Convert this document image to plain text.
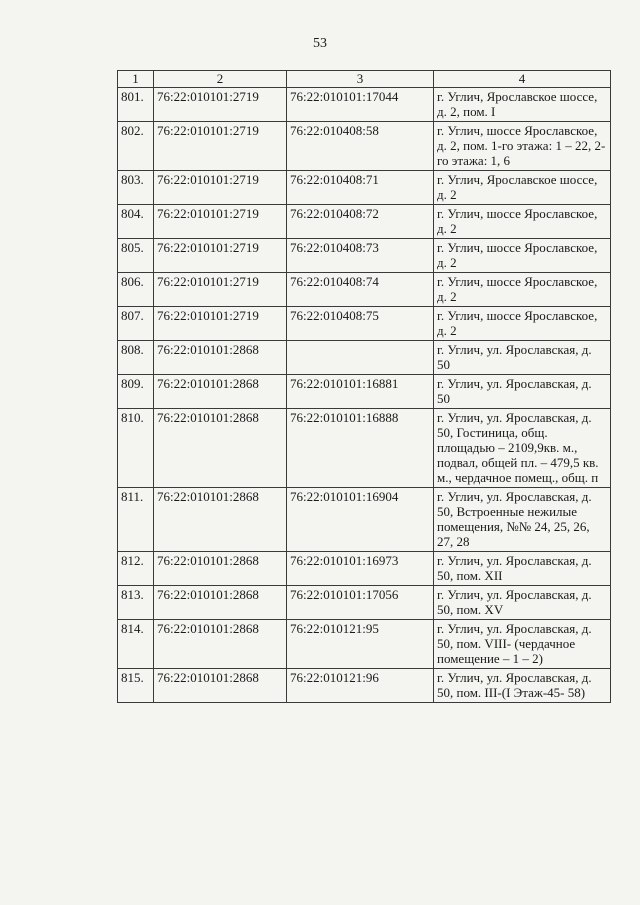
53
1	2	3	4
801.	76:22:010101:2719	76:22:010101:17044	г. Углич, Ярославское шоссе, д. 2, пом. I
802.	76:22:010101:2719	76:22:010408:58	г. Углич, шоссе Ярославское, д. 2, пом. 1-го этажа: 1 – 22, 2-го этажа: 1, 6
803.	76:22:010101:2719	76:22:010408:71	г. Углич, Ярославское шоссе, д. 2
804.	76:22:010101:2719	76:22:010408:72	г. Углич, шоссе Ярославское, д. 2
805.	76:22:010101:2719	76:22:010408:73	г. Углич, шоссе Ярославское, д. 2
806.	76:22:010101:2719	76:22:010408:74	г. Углич, шоссе Ярославское, д. 2
807.	76:22:010101:2719	76:22:010408:75	г. Углич, шоссе Ярославское, д. 2
808.	76:22:010101:2868		г. Углич, ул. Ярославская, д. 50
809.	76:22:010101:2868	76:22:010101:16881	г. Углич, ул. Ярославская, д. 50
810.	76:22:010101:2868	76:22:010101:16888	г. Углич, ул. Ярославская, д. 50, Гостиница, общ. площадью – 2109,9кв. м., подвал, общей пл. – 479,5 кв. м., чердачное помещ., общ. п
811.	76:22:010101:2868	76:22:010101:16904	г. Углич, ул. Ярославская, д. 50, Встроенные нежилые помещения, №№ 24, 25, 26, 27, 28
812.	76:22:010101:2868	76:22:010101:16973	г. Углич, ул. Ярославская, д. 50, пом. XII
813.	76:22:010101:2868	76:22:010101:17056	г. Углич, ул. Ярославская, д. 50, пом. XV
814.	76:22:010101:2868	76:22:010121:95	г. Углич, ул. Ярославская, д. 50, пом. VIII- (чердачное помещение – 1 – 2)
815.	76:22:010101:2868	76:22:010121:96	г. Углич, ул. Ярославская, д. 50, пом. III-(I Этаж-45- 58)
